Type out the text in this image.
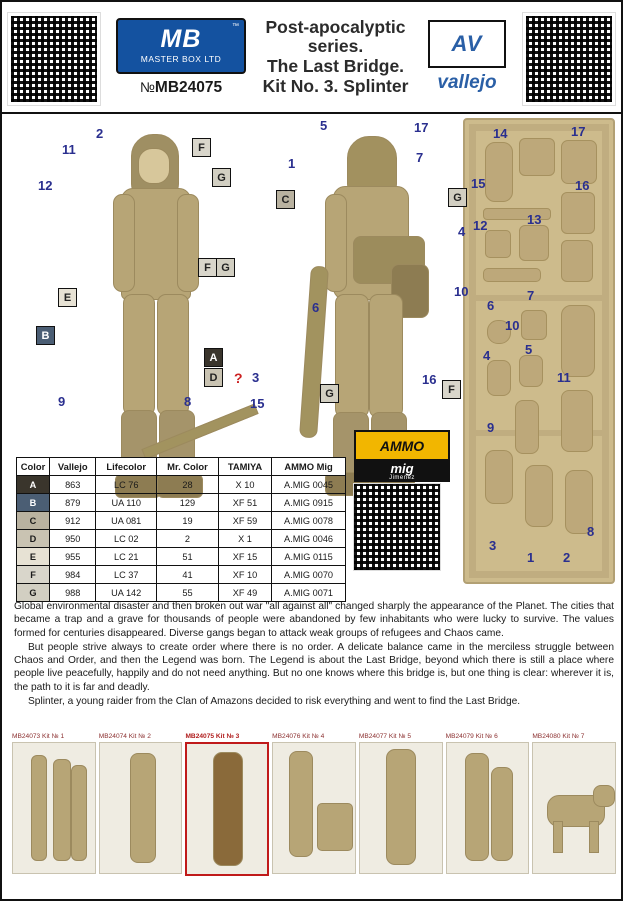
™
MB
MASTER BOX LTD
№MB24075
Post-apocalyptic
series.
The Last Bridge.
Kit No. 3. Splinter
AV
vallejo
6
7
4	5
9
3
8
1 2
14	17
15	16
12	13
10
11
2
11
12
9	8
F
G
F G
E
B
A
D
5
1
17
7
6
4
10
16
3
15
?
C	G
G	F
Color	Vallejo	Lifecolor	Mr. Color	TAMIYA	AMMO Mig
A	863	LC 76	28	X 10	A.MIG 0045
B	879	UA 110	129	XF 51	A.MIG 0915
C	912	UA 081	19	XF 59	A.MIG 0078
D	950	LC 02	2	X 1	A.MIG 0046
E	955	LC 21	51	XF 15	A.MIG 0115
F	984	LC 37	41	XF 10	A.MIG 0070
G	988	UA 142	55	XF 49	A.MIG 0071
AMMO
mig
Jimenez

Global environmental disaster and then broken out war "all against all" changed sharply the appearance of the Planet. The cities that became a trap and a grave for thousands of people were abandoned by few inhabitants who were lucky to survive. The values formed for centuries disappeared. Diverse gangs began to attack weak groups of refugees and Chaos came.

But people strive always to create order where there is no order. A delicate balance came in the merciless struggle between Chaos and Order, and then the Legend was born. The Legend is about the Last Bridge, beyond which there is still a place where people live peacefully, happily and do not need anything. But no one knows where this bridge is, but one thing is clear: wherever it is, the path to it is far and deadly.

Splinter, a young raider from the Clan of Amazons decided to risk everything and went to find the Last Bridge.

MB24073 Kit № 1	MB24074 Kit № 2	MB24075 Kit № 3	MB24076 Kit № 4	MB24077 Kit № 5	MB24079 Kit № 6	MB24080 Kit № 7
